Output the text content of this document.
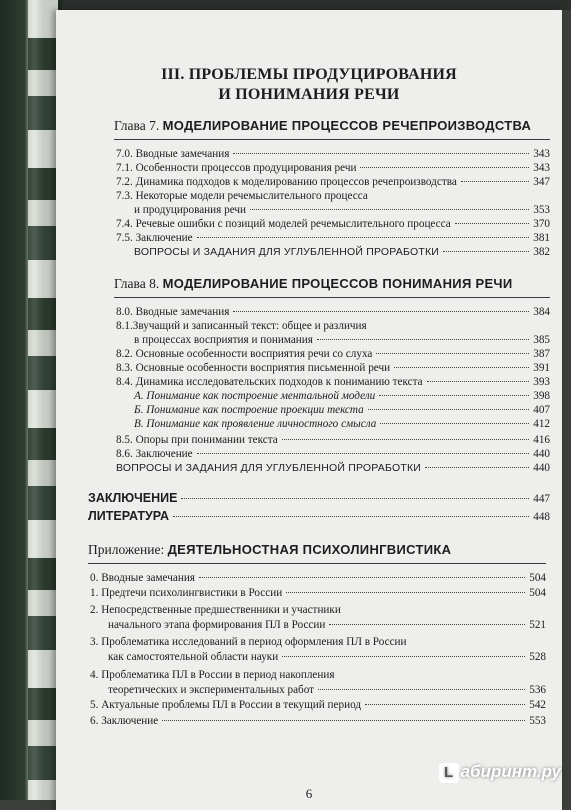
III. ПРОБЛЕМЫ ПРОДУЦИРОВАНИЯ
И ПОНИМАНИЯ РЕЧИ
Глава 7. МОДЕЛИРОВАНИЕ ПРОЦЕССОВ РЕЧЕПРОИЗВОДСТВА
7.0. Вводные замечания	343
7.1. Особенности процессов продуцирования речи	343
7.2. Динамика подходов к моделированию процессов речепроизводства	347
7.3. Некоторые модели речемыслительного процесса
и продуцирования речи	353
7.4. Речевые ошибки с позиций моделей речемыслительного процесса	370
7.5. Заключение	381
ВОПРОСЫ И ЗАДАНИЯ ДЛЯ УГЛУБЛЕННОЙ ПРОРАБОТКИ	382
Глава 8. МОДЕЛИРОВАНИЕ ПРОЦЕССОВ ПОНИМАНИЯ РЕЧИ
8.0. Вводные замечания	384
8.1.Звучащий и записанный текст: общее и различия
в процессах восприятия и понимания	385
8.2. Основные особенности восприятия речи со слуха	387
8.3. Основные особенности восприятия письменной речи	391
8.4. Динамика исследовательских подходов к пониманию текста	393
А. Понимание как построение ментальной модели	398
Б. Понимание как построение проекции текста	407
В. Понимание как проявление личностного смысла	412
8.5. Опоры при понимании текста	416
8.6. Заключение	440
ВОПРОСЫ И ЗАДАНИЯ ДЛЯ УГЛУБЛЕННОЙ ПРОРАБОТКИ	440
ЗАКЛЮЧЕНИЕ	447
ЛИТЕРАТУРА	448
Приложение: ДЕЯТЕЛЬНОСТНАЯ ПСИХОЛИНГВИСТИКА
0. Вводные замечания	504
1. Предтечи психолингвистики в России	504
2. Непосредственные предшественники и участники
начального этапа формирования ПЛ в России	521
3. Проблематика исследований в период оформления ПЛ в России
как самостоятельной области науки	528
4. Проблематика ПЛ в России в период накопления
теоретических и экспериментальных работ	536
5. Актуальные проблемы ПЛ в России в текущий период	542
6. Заключение	553
6
L абиринт.ру
